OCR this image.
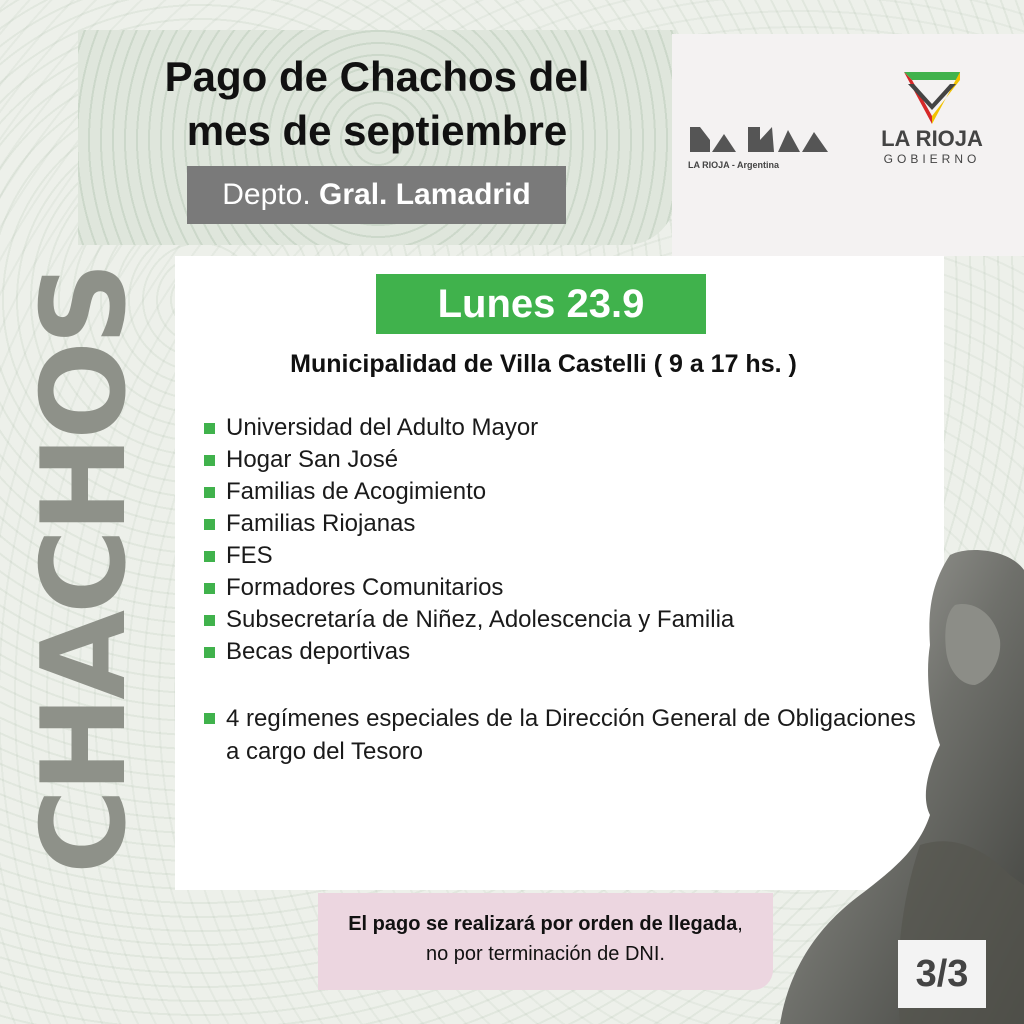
Pago de Chachos del
mes de septiembre
Depto. Gral. Lamadrid
LA RIOJA - Argentina
LA RIOJA
GOBIERNO
CHACHOS	Lunes 23.9
Municipalidad de Villa Castelli ( 9 a 17 hs. )
Universidad del Adulto Mayor
Hogar San José
Familias de Acogimiento
Familias Riojanas
FES
Formadores Comunitarios
Subsecretaría de Niñez, Adolescencia y Familia
Becas deportivas
4 regímenes especiales de la Dirección General de Obligaciones
a cargo del Tesoro
El pago se realizará por orden de llegada,
no por terminación de DNI.	3/3
